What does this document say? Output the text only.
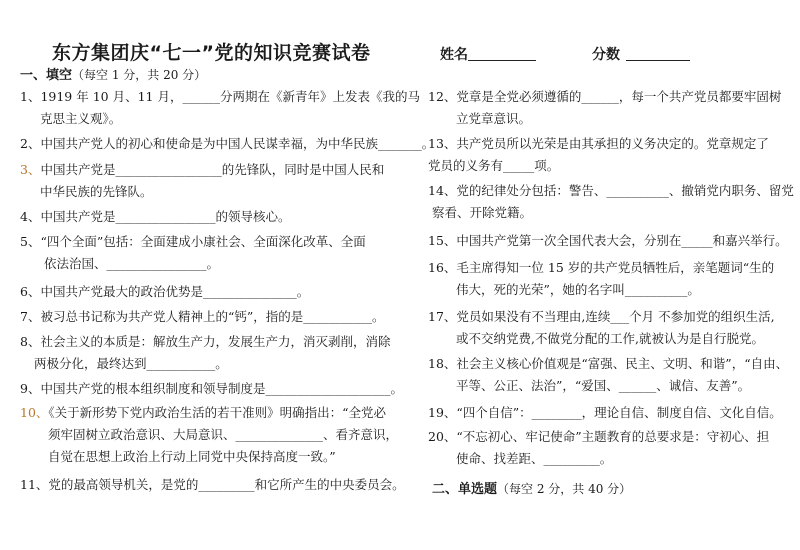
东方集团庆“七一”党的知识竞赛试卷	姓名	分数
一、填空（每空 1 分，共 20 分）
1、1919 年 10 月、11 月，______分两期在《新青年》上发表《我的马
克思主义观》。
2、中国共产党人的初心和使命是为中国人民谋幸福，为中华民族_______。
3、中国共产党是_________________的先锋队，同时是中国人民和
中华民族的先锋队。
4、中国共产党是________________的领导核心。
5、“四个全面”包括：全面建成小康社会、全面深化改革、全面
依法治国、________________。
6、中国共产党最大的政治优势是_______________。
7、被习总书记称为共产党人精神上的“钙”，指的是___________。
8、社会主义的本质是：解放生产力，发展生产力，消灭剥削，消除
两极分化，最终达到___________。
9、中国共产党的根本组织制度和领导制度是____________________。
10、《关于新形势下党内政治生活的若干准则》明确指出：“全党必
须牢固树立政治意识、大局意识、______________、看齐意识，
自觉在思想上政治上行动上同党中央保持高度一致。”
11、党的最高领导机关，是党的_________和它所产生的中央委员会。
12、党章是全党必须遵循的______，每一个共产党员都要牢固树
立党章意识。
13、共产党员所以光荣是由其承担的义务决定的。党章规定了
党员的义务有_____项。
14、党的纪律处分包括：警告、__________、撤销党内职务、留党
察看、开除党籍。
15、中国共产党第一次全国代表大会，分别在_____和嘉兴举行。
16、毛主席得知一位 15 岁的共产党员牺牲后，亲笔题词“生的
伟大，死的光荣”，她的名字叫__________。
17、党员如果没有不当理由,连续___个月 不参加党的组织生活,
或不交纳党费,不做党分配的工作,就被认为是自行脱党。
18、社会主义核心价值观是“富强、民主、文明、和谐”，“自由、
平等、公正、法治”，“爱国、______、诚信、友善”。
19、“四个自信”：________，理论自信、制度自信、文化自信。
20、“不忘初心、牢记使命”主题教育的总要求是：守初心、担
使命、找差距、_________。
二、单选题（每空 2 分，共 40 分）
